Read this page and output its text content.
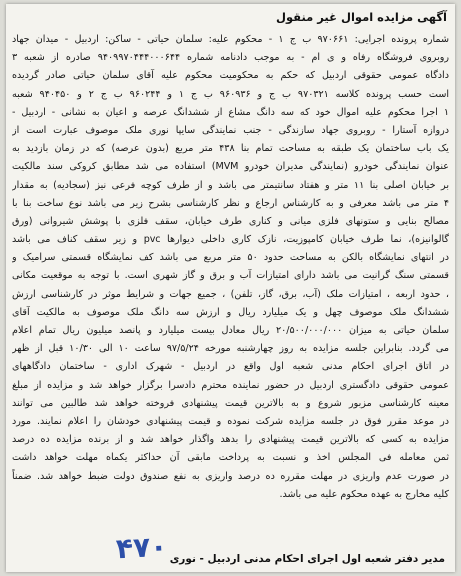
آگهی مزایده اموال غیر منقول
شماره پرونده اجرایی: ۹۷۰۶۶۱ ب ج ۱ - محکوم علیه: سلمان حیاتی - ساکن: اردبیل - میدان جهاد
روبروی فروشگاه رفاه و ی ام - به موجب دادنامه شماره ۹۴۰۹۹۷۰۴۴۴۰۰۰۶۴۴ صادره از شعبه ۳
دادگاه عمومی حقوقی اردبیل که حکم به محکومیت محکوم علیه آقای سلمان حیاتی صادر گردیده
است حسب پرونده کلاسه ۹۷۰۳۲۱ ب ج و ۹۶۰۹۳۶ ب ج ۱ و ۹۶۰۲۴۴ ب ج ۲ و ۹۴۰۴۵۰ شعبه
۱ اجرا محکوم علیه اموال خود که سه دانگ مشاع از ششدانگ عرصه و اعیان به نشانی - اردبیل -
دروازه آستارا - روبروی جهاد سازندگی - جنب نمایندگی سایپا نوری ملک موصوف عبارت است از
یک باب ساختمان یک طبقه به مساحت تمام بنا ۴۳۸ متر مربع (بدون عرصه) که در زمان بازدید به
عنوان نمایندگی خودرو (نمایندگی مدیران خودرو MVM) استفاده می شد مطابق کروکی سند مالکیت
بر خیابان اصلی بنا ۱۱ متر و هفتاد سانتیمتر می باشد و از طرف کوچه فرعی نیز (سجادیه) به مقدار
۴ متر می باشد معرفی و به کارشناس ارجاع و نظر کارشناسی بشرح زیر می باشد نوع ساخت بنا با
مصالح بنایی و ستونهای فلزی میانی و کناری طرف خیابان، سقف فلزی با پوشش شیروانی (ورق
گالوانیزه)، نما طرف خیابان کامپوزیت، نازک کاری داخلی دیوارها pvc و زیر سقف کناف می باشد
در انتهای نمایشگاه بالکن به مساحت حدود ۵۰ متر مربع می باشد کف نمایشگاه قسمتی سرامیک و
قسمتی سنگ گرانیت می باشد دارای امتیازات آب و برق و گاز شهری است. با توجه به موقعیت مکانی
، حدود اربعه ، امتیازات ملک (آب، برق، گاز، تلفن) ، جمیع جهات و شرایط موثر در کارشناسی ارزش
ششدانگ ملک موصوف چهل و یک میلیارد ریال و ارزش سه دانگ ملک موصوف به مالکیت آقای
سلمان حیاتی به میزان ۲۰/۵۰۰/۰۰۰/۰۰۰ ریال معادل بیست میلیارد و پانصد میلیون ریال تمام اعلام
می گردد. بنابراین جلسه مزایده به روز چهارشنبه مورخه ۹۷/۵/۲۴ ساعت ۱۰ الی ۱۰/۳۰ قبل از ظهر
در اتاق اجرای احکام مدنی شعبه اول واقع در اردبیل - شهرک اداری - ساختمان دادگاههای
عمومی حقوقی دادگستری اردبیل در حضور نماینده محترم دادسرا برگزار خواهد شد و مزایده از مبلغ
معینه کارشناسی مزبور شروع و به بالاترین قیمت پیشنهادی فروخته خواهد شد طالبین می توانند
در موعد مقرر فوق در جلسه مزایده شرکت نموده و قیمت پیشنهادی خودشان را اعلام نمایند. مورد
مزایده به کسی که بالاترین قیمت پیشنهادی را بدهد واگذار خواهد شد و از برنده مزایده ده درصد
ثمن معامله فی المجلس اخذ و نسبت به پرداخت مابقی آن حداکثر یکماه مهلت خواهد داشت
در صورت عدم واریزی در مهلت مقرره ده درصد واریزی به نفع صندوق دولت ضبط خواهد شد. ضمناً
کلیه مخارج به عهده محکوم علیه می باشد.
۴۷۰ مدیر دفتر شعبه اول اجرای احکام مدنی اردبیل - نوری
